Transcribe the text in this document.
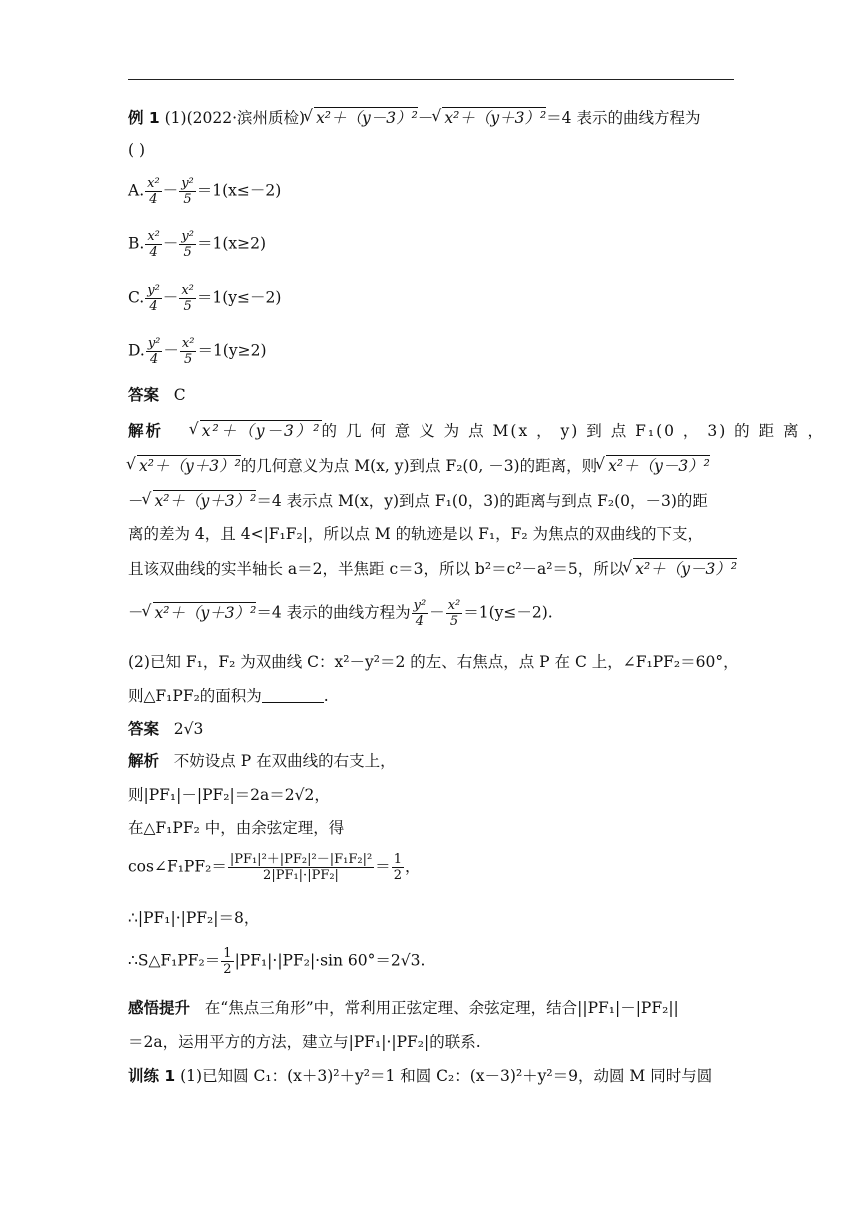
例 1 (1)(2022·滨州质检) √ x²＋（y－3）²－ √ x²＋（y＋3）²＝4 表示的曲线方程为
( )
A. $\frac{\text{x²}}{4} - \frac{\text{y²}}{5} =1(x\le-2)$
B. $\frac{\text{x²}}{4} - \frac{\text{y²}}{5} =1(x\ge 2)$
C. $\frac{\text{y²}}{4} - \frac{\text{x²}}{5} =1(y\le-2)$
D. $\frac{\text{y²}}{4} - \frac{\text{x²}}{5} =1(y\ge 2)$
答案 C
解析 √ x²＋（y－3）²的 几 何 意 义 为 点 M(x ， y) 到 点 F₁(0 ， 3) 的 距 离 ，
√ x²＋（y＋3）²的几何意义为点 M(x, y)到点 F₂(0, －3)的距离，则 √ x²＋（y－3）²
－ √ x²＋（y＋3）²＝4 表示点 M(x，y)到点 F₁(0，3)的距离与到点 F₂(0，－3)的距
离的差为 4，且 4<|F₁F₂|，所以点 M 的轨迹是以 F₁，F₂ 为焦点的双曲线的下支，
且该双曲线的实半轴长 a＝2，半焦距 c＝3，所以 b²＝c²－a²＝5，所以 √ x²＋（y－3）²
－ √ x²＋（y＋3）²＝4 表示的曲线方程为 $\frac{\text{y²}}{4} - \frac{\text{x²}}{5} =1(y\le-2)$.
(2)已知 F₁，F₂ 为双曲线 C：x²－y²＝2 的左、右焦点，点 P 在 C 上，∠F₁PF₂＝60°，
则△F₁PF₂的面积为	.
答案 2√3
解析 不妨设点 P 在双曲线的右支上，
则|PF₁|－|PF₂|＝2a＝2√2，
在△F₁PF₂ 中，由余弦定理，得
cos∠F₁PF₂＝ $\frac{\text{|PF₁|²＋|PF₂|²－|F₁F₂|²}}{\text{2|PF₁|·|PF₂|}} = \frac{1}{2}$ ，
∴|PF₁|·|PF₂|＝8，
∴S△F₁PF₂＝ $\frac{1}{2} |PF_1|\cdot|PF_2|\cdot\sin$ 60°＝2√3.
感悟提升 在“焦点三角形”中，常利用正弦定理、余弦定理，结合||PF₁|－|PF₂||
＝2a，运用平方的方法，建立与|PF₁|·|PF₂|的联系.
训练 1 (1)已知圆 C₁：(x＋3)²＋y²＝1 和圆 C₂：(x－3)²＋y²＝9，动圆 M 同时与圆
